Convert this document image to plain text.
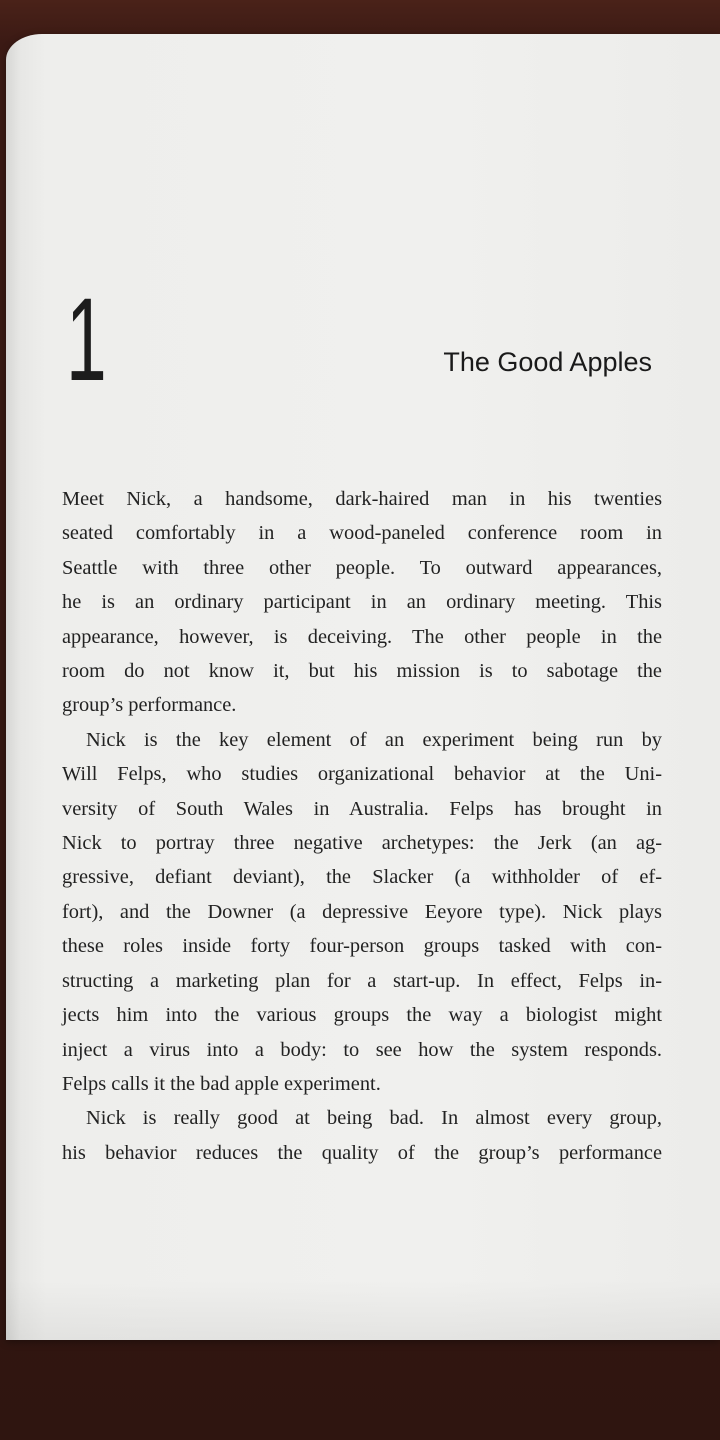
1	The Good Apples
Meet Nick, a handsome, dark-haired man in his twenties
seated comfortably in a wood-paneled conference room in
Seattle with three other people. To outward appearances,
he is an ordinary participant in an ordinary meeting. This
appearance, however, is deceiving. The other people in the
room do not know it, but his mission is to sabotage the
group’s performance.
Nick is the key element of an experiment being run by
Will Felps, who studies organizational behavior at the Uni-
versity of South Wales in Australia. Felps has brought in
Nick to portray three negative archetypes: the Jerk (an ag-
gressive, defiant deviant), the Slacker (a withholder of ef-
fort), and the Downer (a depressive Eeyore type). Nick plays
these roles inside forty four-person groups tasked with con-
structing a marketing plan for a start-up. In effect, Felps in-
jects him into the various groups the way a biologist might
inject a virus into a body: to see how the system responds.
Felps calls it the bad apple experiment.
Nick is really good at being bad. In almost every group,
his behavior reduces the quality of the group’s performance
